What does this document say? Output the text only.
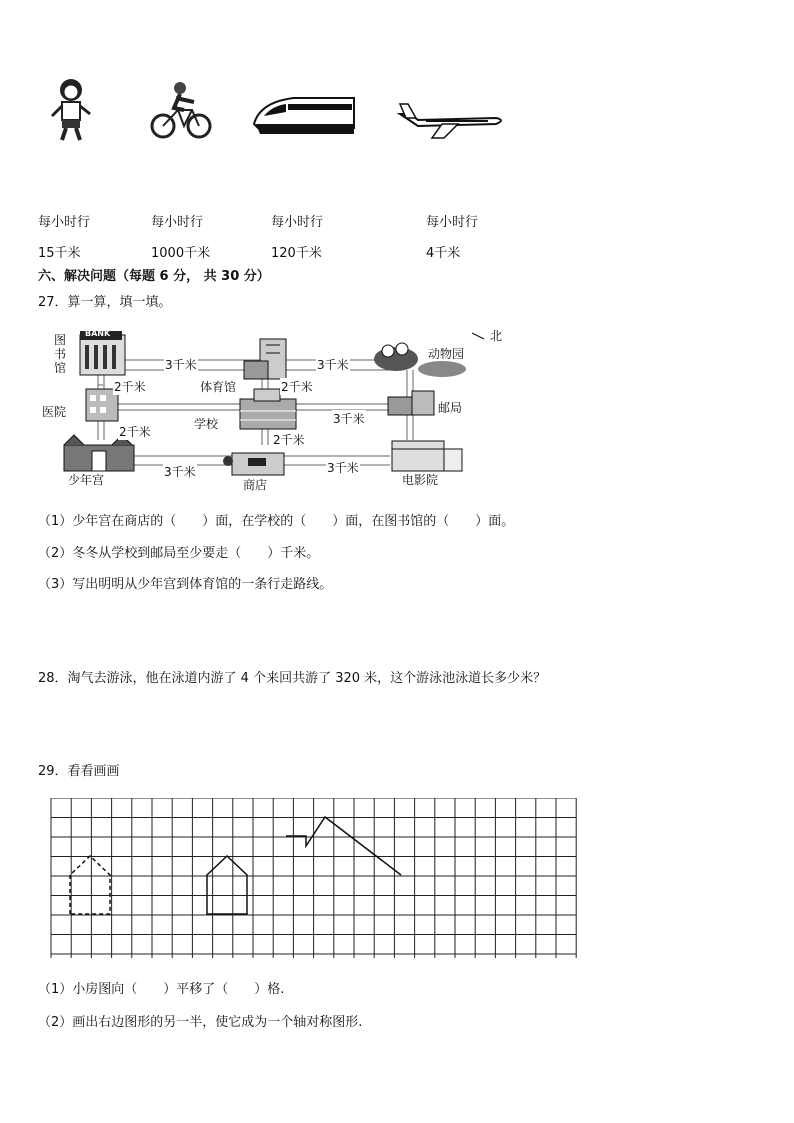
每小时行	每小时行	每小时行	每小时行
15千米	1000千米	120千米	4千米
六、解决问题（每题 6 分， 共 30 分）
27．算一算，填一填。
北
图书馆
BANK
体育馆
动物园
医院
学校
邮局
少年宫	商店	电影院
3千米	3千米
2千米	2千米
2千米
3千米
2千米
3千米	3千米
（1）少年宫在商店的（　　）面，在学校的（　　）面，在图书馆的（　　）面。
（2）冬冬从学校到邮局至少要走（　　）千米。
（3）写出明明从少年宫到体育馆的一条行走路线。
28．淘气去游泳，他在泳道内游了 4 个来回共游了 320 米，这个游泳池泳道长多少米？
29．看看画画
（1）小房图向（　　）平移了（　　）格.
（2）画出右边图形的另一半，使它成为一个轴对称图形.
